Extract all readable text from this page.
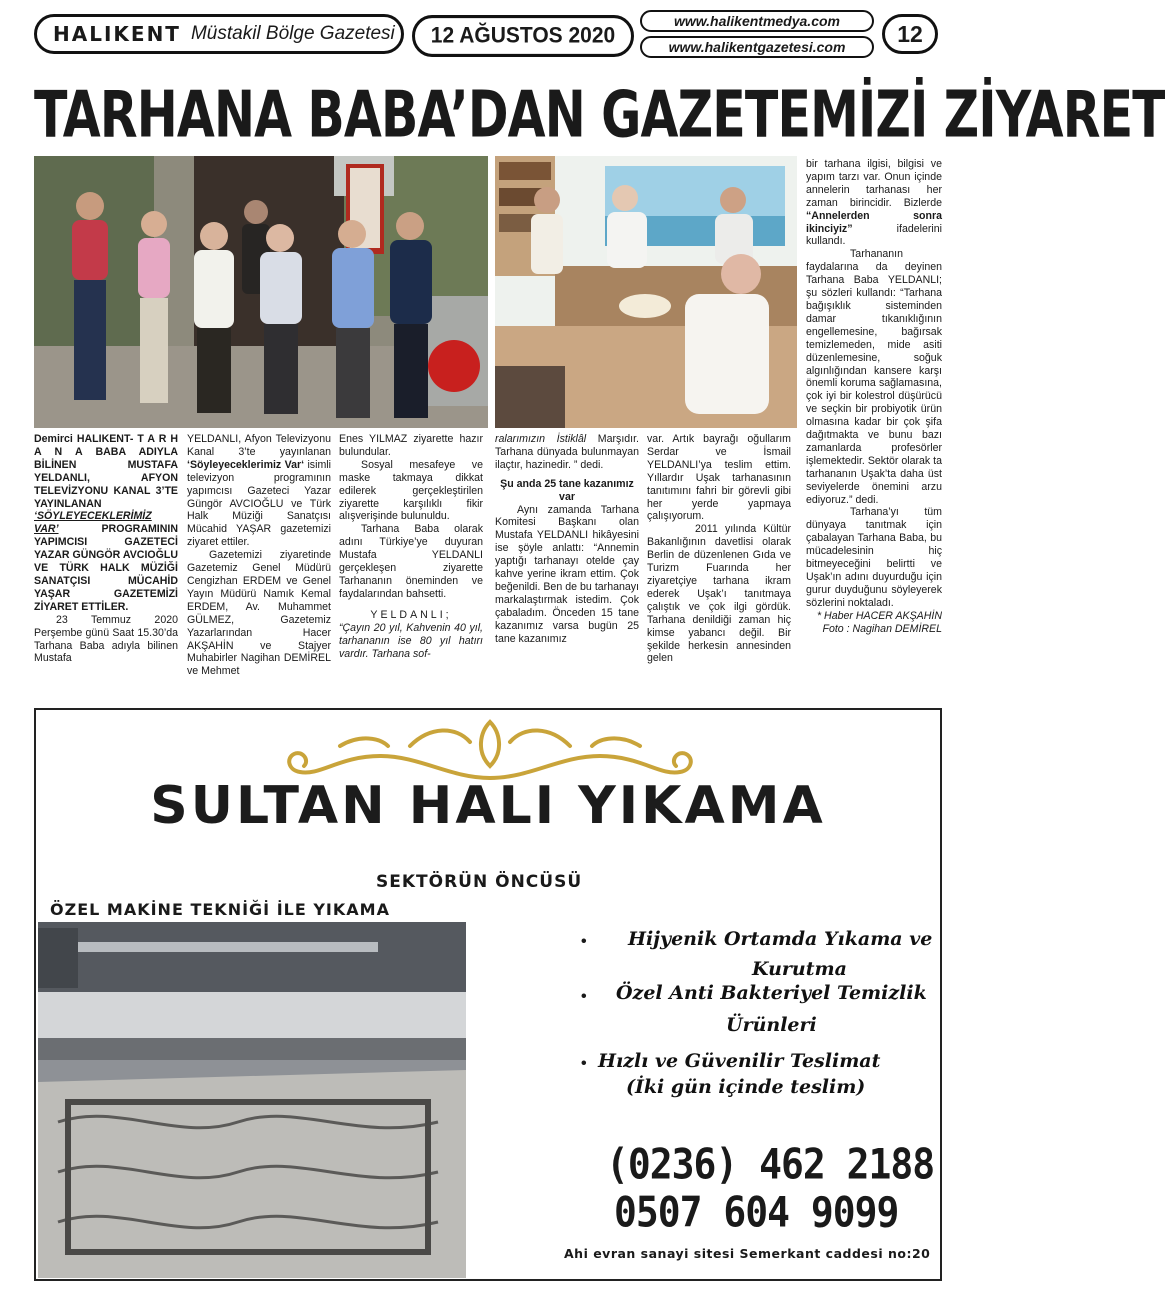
HALIKENT Müstakil Bölge Gazetesi	12 AĞUSTOS 2020
www.halikentmedya.com
www.halikentgazetesi.com
12
TARHANA BABA’DAN GAZETEMİZİ ZİYARET

Demirci HALIKENT- T A R H A N A BABA ADIYLA BİLİNEN MUSTAFA YELDANLI, AFYON TELEVİZYONU KANAL 3’TE YAYINLANAN ‘SÖYLEYECEKLERİMİZ VAR’	PROGRAMININ YAPIMCISI GAZETECİ YAZAR GÜNGÖR AVCIOĞLU VE TÜRK HALK MÜZİĞİ SANATÇISI MÜCAHİD YAŞAR GAZETEMİZİ ZİYARET ETTİLER.

23 Temmuz 2020 Perşembe günü Saat 15.30’da Tarhana Baba adıyla bilinen Mustafa

YELDANLI, Afyon Televizyonu Kanal 3’te yayınlanan ‘Söyleyeceklerimiz Var‘ isimli televizyon programının yapımcısı Gazeteci Yazar Güngör AVCIOĞLU ve Türk Halk Müziği Sanatçısı Mücahid YAŞAR gazetemizi ziyaret ettiler.

Gazetemizi ziyaretinde Gazetemiz Genel Müdürü Cengizhan ERDEM ve Genel Yayın Müdürü Namık Kemal ERDEM, Av. Muhammet GÜLMEZ, Gazetemiz Yazarlarından Hacer AKŞAHİN ve Stajyer Muhabirler Nagihan DEMİREL ve Mehmet

Enes YILMAZ ziyarette hazır bulundular.

Sosyal mesafeye ve maske takmaya dikkat edilerek gerçekleştirilen ziyarette karşılıklı fikir alışverişinde bulunuldu.

Tarhana Baba olarak adını Türkiye’ye duyuran Mustafa YELDANLI gerçekleşen ziyarette Tarhananın öneminden ve faydalarından bahsetti.

YELDANLI;

“Çayın 20 yıl, Kahvenin 40 yıl, tarhananın ise 80 yıl hatırı vardır. Tarhana sof-

ralarımızın İstiklâl Marşıdır. Tarhana dünyada bulunmayan ilaçtır, hazinedir. ” dedi.

Şu anda 25 tane kazanımız var

Aynı zamanda Tarhana Komitesi Başkanı olan Mustafa YELDANLI hikâyesini ise şöyle anlattı: “Annemin yaptığı tarhanayı otelde çay kahve yerine ikram ettim. Çok beğenildi. Ben de bu tarhanayı markalaştırmak istedim. Çok çabaladım. Önceden 15 tane kazanımız varsa bugün 25 tane kazanımız

var. Artık bayrağı oğullarım Serdar ve İsmail YELDANLI’ya teslim ettim. Yıllardır Uşak tarhanasının tanıtımını fahri bir görevli gibi her yerde yapmaya çalışıyorum.

2011 yılında Kültür Bakanlığının davetlisi olarak Berlin de düzenlenen Gıda ve Turizm Fuarında her ziyaretçiye tarhana ikram ederek Uşak’ı tanıtmaya çalıştık ve çok ilgi gördük. Tarhana denildiği zaman hiç kimse yabancı değil. Bir şekilde herkesin annesinden gelen

bir tarhana ilgisi, bilgisi ve yapım tarzı var. Onun içinde annelerin tarhanası her zaman birincidir. Bizlerde “Annelerden sonra ikinciyiz”	ifadelerini kullandı.

Tarhananın faydalarına da deyinen Tarhana Baba YELDANLI; şu sözleri kullandı: “Tarhana bağışıklık sisteminden damar tıkanıklığının engellemesine, bağırsak temizlemeden, mide asiti düzenlemesine, soğuk algınlığından kansere karşı önemli koruma sağlamasına, çok iyi bir kolestrol düşürücü ve seçkin bir probiyotik ürün olmasına kadar bir çok şifa dağıtmakta ve bunu bazı zamanlarda profesörler işlemektedir. Sektör olarak ta tarhananın Uşak’ta daha üst seviyelerde önemini arzu ediyoruz.” dedi.

Tarhana’yı tüm dünyaya tanıtmak için çabalayan Tarhana Baba, bu mücadelesinin hiç bitmeyeceğini belirtti ve Uşak’ın adını duyurduğu için gurur duyduğunu söyleyerek sözlerini noktaladı.

* Haber HACER AKŞAHİN

Foto : Nagihan DEMİREL

SULTAN HALI YIKAMA
SEKTÖRÜN ÖNCÜSÜ
ÖZEL MAKİNE TEKNİĞİ İLE YIKAMA
• Hijyenik Ortamda Yıkama ve
Kurutma
• Özel Anti Bakteriyel Temizlik
Ürünleri
• Hızlı ve Güvenilir Teslimat
(İki gün içinde teslim)
(0236) 462 2188
0507 604 9099
Ahi evran sanayi sitesi Semerkant caddesi no:20
